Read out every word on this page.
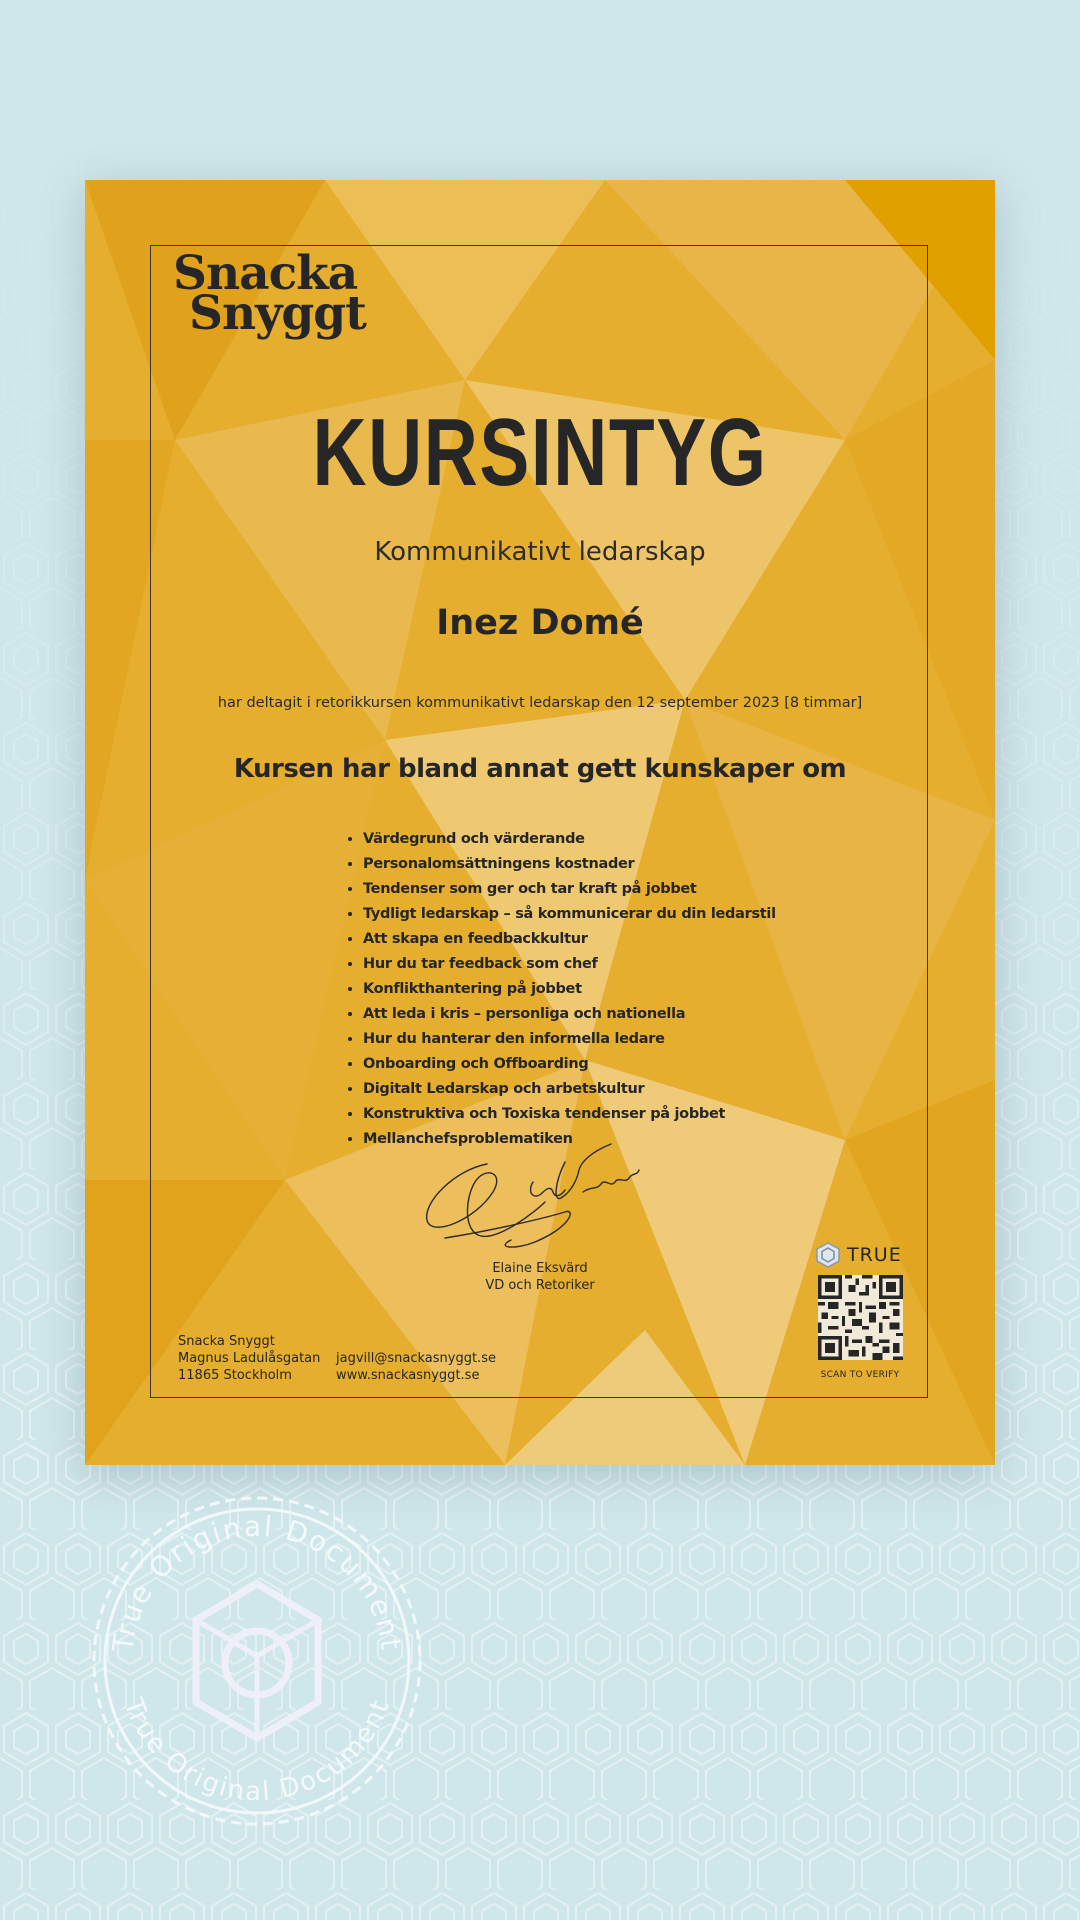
Snacka
Snyggt
KURSINTYG
Kommunikativt ledarskap
Inez Domé
har deltagit i retorikkursen kommunikativt ledarskap den 12 september 2023 [8 timmar]
Kursen har bland annat gett kunskaper om
• Värdegrund och värderande
• Personalomsättningens kostnader
• Tendenser som ger och tar kraft på jobbet
• Tydligt ledarskap – så kommunicerar du din ledarstil
• Att skapa en feedbackkultur
• Hur du tar feedback som chef
• Konflikthantering på jobbet
• Att leda i kris – personliga och nationella
• Hur du hanterar den informella ledare
• Onboarding och Offboarding
• Digitalt Ledarskap och arbetskultur
• Konstruktiva och Toxiska tendenser på jobbet
• Mellanchefsproblematiken
Elaine Eksvärd
VD och Retoriker
TRUE
SCAN TO VERIFY
Snacka Snyggt
Magnus Ladulåsgatan
11865 Stockholm
jagvill@snackasnyggt.se
www.snackasnyggt.se
True Original Document
True Original Document
